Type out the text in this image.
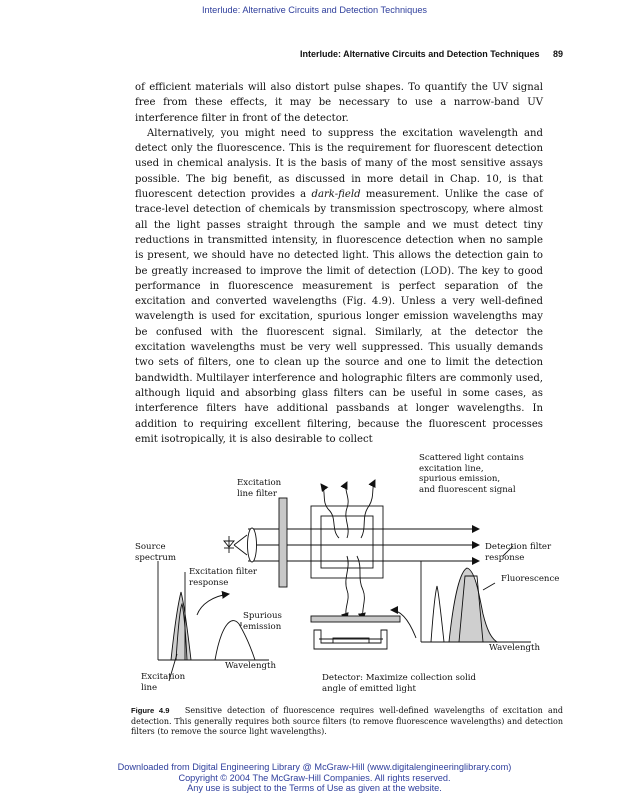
Interlude: Alternative Circuits and Detection Techniques
Interlude: Alternative Circuits and Detection Techniques 89

of efficient materials will also distort pulse shapes. To quantify the UV signal free from these effects, it may be necessary to use a narrow-band UV interference filter in front of the detector.

Alternatively, you might need to suppress the excitation wavelength and detect only the fluorescence. This is the requirement for fluorescent detection used in chemical analysis. It is the basis of many of the most sensitive assays possible. The big benefit, as discussed in more detail in Chap. 10, is that fluorescent detection provides a dark-field measurement. Unlike the case of trace-level detection of chemicals by transmission spectroscopy, where almost all the light passes straight through the sample and we must detect tiny reductions in transmitted intensity, in fluorescence detection when no sample is present, we should have no detected light. This allows the detection gain to be greatly increased to improve the limit of detection (LOD). The key to good performance in fluorescence measurement is perfect separation of the excitation and converted wavelengths (Fig. 4.9). Unless a very well-defined wavelength is used for excitation, spurious longer emission wavelengths may be confused with the fluorescent signal. Similarly, at the detector the excitation wavelengths must be very well suppressed. This usually demands two sets of filters, one to clean up the source and one to limit the detection bandwidth. Multilayer interference and holographic filters are commonly used, although liquid and absorbing glass filters can be useful in some cases, as interference filters have additional passbands at longer wavelengths. In addition to requiring excellent filtering, because the fluorescent processes emit isotropically, it is also desirable to collect

Scattered light contains
excitation line,
spurious emission,
and fluorescent signal
Excitation
line filter
Source
spectrum
Excitation filter
response
Detection filter
response
Fluorescence
Spurious
emission
Wavelength
Wavelength
Excitation
line
Detector: Maximize collection solid
angle of emitted light
Figure 4.9 Sensitive detection of fluorescence requires well-defined wavelengths of excitation and detection. This generally requires both source filters (to remove fluorescence wavelengths) and detection filters (to remove the source light wavelengths).
Downloaded from Digital Engineering Library @ McGraw-Hill (www.digitalengineeringlibrary.com)
Copyright © 2004 The McGraw-Hill Companies. All rights reserved.
Any use is subject to the Terms of Use as given at the website.
